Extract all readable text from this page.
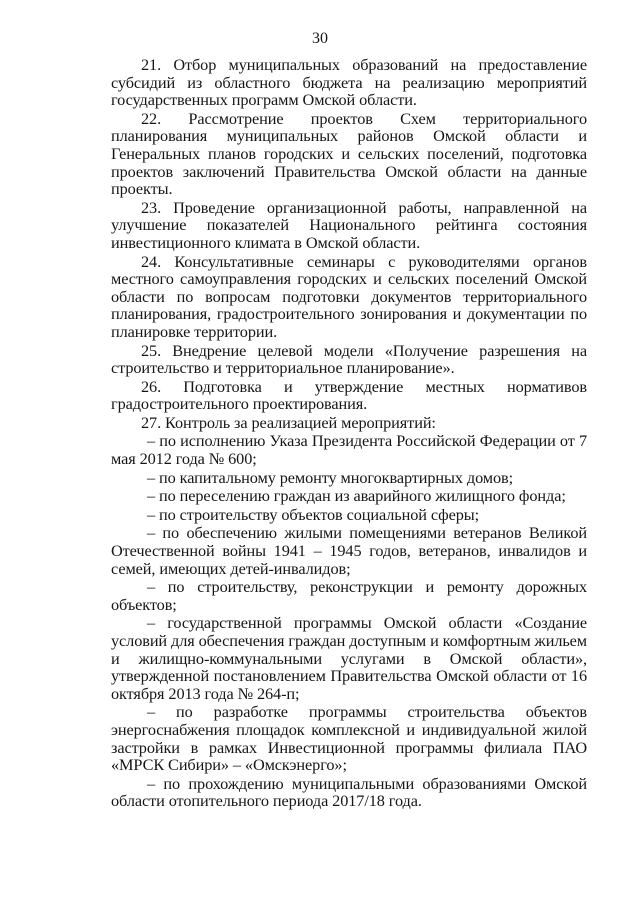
30

21. Отбор муниципальных образований на предоставление субсидий из областного бюджета на реализацию мероприятий государственных программ Омской области.

22. Рассмотрение проектов Схем территориального планирования муниципальных районов Омской области и Генеральных планов городских и сельских поселений, подготовка проектов заключений Правительства Омской области на данные проекты.

23. Проведение организационной работы, направленной на улучшение показателей Национального рейтинга состояния инвестиционного климата в Омской области.

24. Консультативные семинары с руководителями органов местного самоуправления городских и сельских поселений Омской области по вопросам подготовки документов территориального планирования, градостроительного зонирования и документации по планировке территории.

25. Внедрение целевой модели «Получение разрешения на строительство и территориальное планирование».

26. Подготовка и утверждение местных нормативов градостроительного проектирования.

27. Контроль за реализацией мероприятий:

– по исполнению Указа Президента Российской Федерации от 7 мая 2012 года № 600;

– по капитальному ремонту многоквартирных домов;

– по переселению граждан из аварийного жилищного фонда;

– по строительству объектов социальной сферы;

– по обеспечению жилыми помещениями ветеранов Великой Отечественной войны 1941 – 1945 годов, ветеранов, инвалидов и семей, имеющих детей-инвалидов;

– по строительству, реконструкции и ремонту дорожных объектов;

– государственной программы Омской области «Создание условий для обеспечения граждан доступным и комфортным жильем и жилищно-коммунальными услугами в Омской области», утвержденной постановлением Правительства Омской области от 16 октября 2013 года № 264-п;

– по разработке программы строительства объектов энергоснабжения площадок комплексной и индивидуальной жилой застройки в рамках Инвестиционной программы филиала ПАО «МРСК Сибири» – «Омскэнерго»;

– по прохождению муниципальными образованиями Омской области отопительного периода 2017/18 года.
